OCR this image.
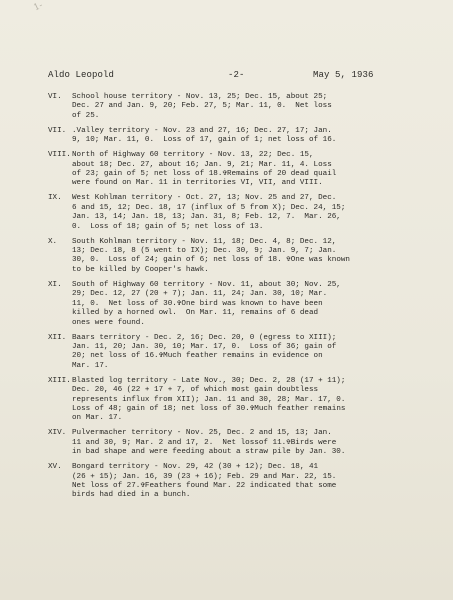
1-

Aldo Leopold

	-2-

	May 5, 1936

VI.	School house territory - Nov. 13, 25; Dec. 15, about 25;
Dec. 27 and Jan. 9, 20; Feb. 27, 5; Mar. 11, 0.  Net loss
of 25.
VII. .Valley territory - Nov. 23 and 27, 16; Dec. 27, 17; Jan.
9, 10; Mar. 11, 0.  Loss of 17, gain of 1; net loss of 16.
VIII. North of Highway 60 territory - Nov. 13, 22; Dec. 15,
about 18; Dec. 27, about 16; Jan. 9, 21; Mar. 11, 4. Loss
of 23; gain of 5; net loss of 18.✞Remains of 20 dead quail
were found on Mar. 11 in territories VI, VII, and VIII.
IX.	West Kohlman territory - Oct. 27, 13; Nov. 25 and 27, Dec.
6 and 15, 12; Dec. 18, 17 (influx of 5 from X); Dec. 24, 15;
Jan. 13, 14; Jan. 18, 13; Jan. 31, 8; Feb. 12, 7.  Mar. 26,
0.  Loss of 18; gain of 5; net loss of 13.
X.	South Kohlman territory - Nov. 11, 18; Dec. 4, 8; Dec. 12,
13; Dec. 18, 8 (5 went to IX); Dec. 30, 9; Jan. 9, 7; Jan.
30, 0.  Loss of 24; gain of 6; net loss of 18. ✞One was known
to be killed by Cooper's hawk.
XI.	South of Highway 60 territory - Nov. 11, about 30; Nov. 25,
29; Dec. 12, 27 (20 + 7); Jan. 11, 24; Jan. 30, 10; Mar.
11, 0.  Net loss of 30.✞One bird was known to have been
killed by a horned owl.  On Mar. 11, remains of 6 dead
ones were found.
XII. Baars territory - Dec. 2, 16; Dec. 20, 0 (egress to XIII);
Jan. 11, 20; Jan. 30, 10; Mar. 17, 0.  Loss of 36; gain of
20; net loss of 16.✞Much feather remains in evidence on
Mar. 17.
XIII. Blasted log territory - Late Nov., 30; Dec. 2, 28 (17 + 11);
Dec. 20, 46 (22 + 17 + 7, of which most gain doubtless
represents influx from XII); Jan. 11 and 30, 28; Mar. 17, 0.
Loss of 48; gain of 18; net loss of 30.✞Much feather remains
on Mar. 17.
XIV. Pulvermacher territory - Nov. 25, Dec. 2 and 15, 13; Jan.
11 and 30, 9; Mar. 2 and 17, 2.  Net lossof 11.✞Birds were
in bad shape and were feeding about a straw pile by Jan. 30.
XV.	Bongard territory - Nov. 29, 42 (30 + 12); Dec. 18, 41
(26 + 15); Jan. 16, 39 (23 + 16); Feb. 29 and Mar. 22, 15.
Net loss of 27.✞Feathers found Mar. 22 indicated that some
birds had died in a bunch.
